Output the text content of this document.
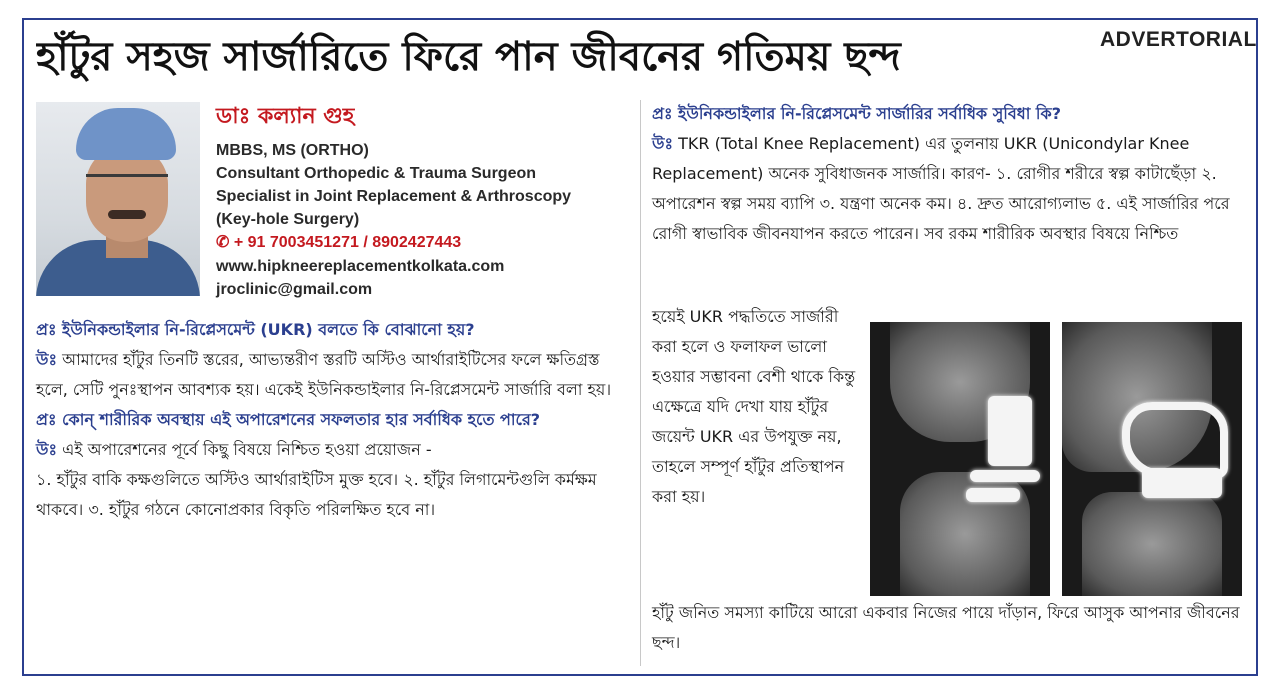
হাঁটুর সহজ সার্জারিতে ফিরে পান জীবনের গতিময় ছন্দ	ADVERTORIAL
ডাঃ কল্যান গুহ
MBBS, MS (ORTHO)
Consultant Orthopedic & Trauma Surgeon
Specialist in Joint Replacement & Arthroscopy
(Key-hole Surgery)
✆ + 91 7003451271 / 8902427443
www.hipkneereplacementkolkata.com
jroclinic@gmail.com

প্রঃ ইউনিকন্ডাইলার নি-রিপ্লেসমেন্ট (UKR) বলতে কি বোঝানো হয়?

উঃ আমাদের হাঁটুর তিনটি স্তরের, আভ্যন্তরীণ স্তরটি অস্টিও আর্থারাইটিসের ফলে ক্ষতিগ্রস্ত হলে, সেটি পুনঃস্থাপন আবশ্যক হয়। একেই ইউনিকন্ডাইলার নি-রিপ্লেসমেন্ট সার্জারি বলা হয়।

প্রঃ কোন্‌ শারীরিক অবস্থায় এই অপারেশনের সফলতার হার সর্বাধিক হতে পারে?

উঃ এই অপারেশনের পূর্বে কিছু বিষয়ে নিশ্চিত হওয়া প্রয়োজন -

১. হাঁটুর বাকি কক্ষগুলিতে অস্টিও আর্থারাইটিস মুক্ত হবে। ২. হাঁটুর লিগামেন্টগুলি কর্মক্ষম থাকবে। ৩. হাঁটুর গঠনে কোনোপ্রকার বিকৃতি পরিলক্ষিত হবে না।

প্রঃ ইউনিকন্ডাইলার নি-রিপ্লেসমেন্ট সার্জারির সর্বাধিক সুবিধা কি?

উঃ TKR (Total Knee Replacement) এর তুলনায় UKR (Unicondylar Knee Replacement) অনেক সুবিধাজনক সার্জারি। কারণ- ১. রোগীর শরীরে স্বল্প কাটাছেঁড়া ২. অপারেশন স্বল্প সময় ব্যাপি ৩. যন্ত্রণা অনেক কম। ৪. দ্রুত আরোগ্যলাভ ৫. এই সার্জারির পরে রোগী স্বাভাবিক জীবনযাপন করতে পারেন। সব রকম শারীরিক অবস্থার বিষয়ে নিশ্চিত

হয়েই UKR পদ্ধতিতে সার্জারী করা হলে ও ফলাফল ভালো হওয়ার সম্ভাবনা বেশী থাকে কিন্তু এক্ষেত্রে যদি দেখা যায় হাঁটুর জয়েন্ট UKR এর উপযুক্ত নয়, তাহলে সম্পূর্ণ হাঁটুর প্রতিস্থাপন করা হয়।
হাঁটু জনিত সমস্যা কাটিয়ে আরো একবার নিজের পায়ে দাঁড়ান, ফিরে আসুক আপনার জীবনের ছন্দ।
